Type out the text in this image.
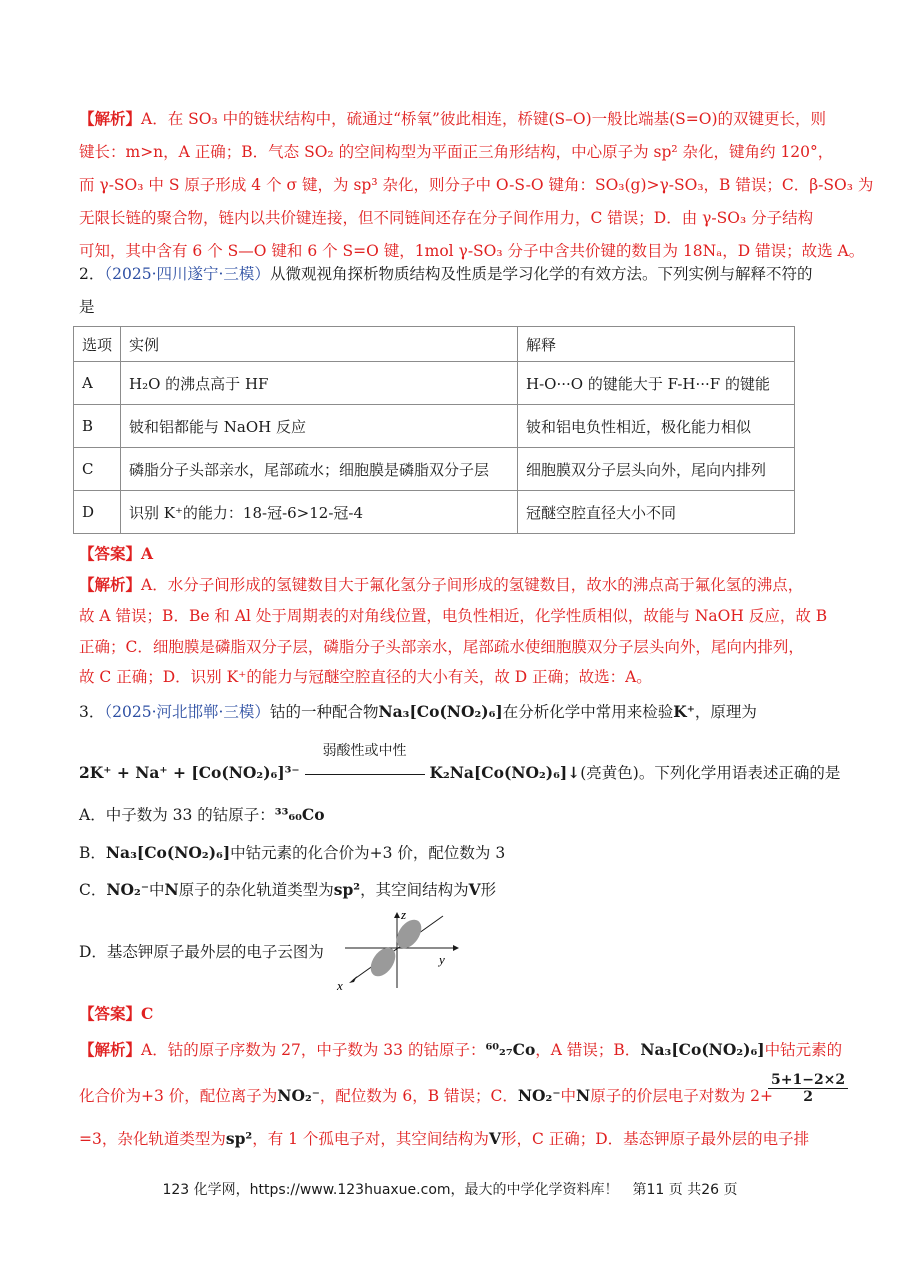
【解析】A．在 SO₃ 中的链状结构中，硫通过“桥氧”彼此相连，桥键(S–O)一般比端基(S=O)的双键更长，则
键长：m>n，A 正确；B．气态 SO₂ 的空间构型为平面正三角形结构，中心原子为 sp² 杂化，键角约 120°，
而 γ-SO₃ 中 S 原子形成 4 个 σ 键，为 sp³ 杂化，则分子中 O-S-O 键角：SO₃(g)>γ-SO₃，B 错误；C．β-SO₃ 为
无限长链的聚合物，链内以共价键连接，但不同链间还存在分子间作用力，C 错误；D．由 γ-SO₃ 分子结构
可知，其中含有 6 个 S—O 键和 6 个 S=O 键，1mol γ-SO₃ 分子中含共价键的数目为 18Nₐ，D 错误；故选 A。
2．（2025·四川遂宁·三模）从微观视角探析物质结构及性质是学习化学的有效方法。下列实例与解释不符的
是
选项	实例	解释
A	H₂O 的沸点高于 HF	H-O···O 的键能大于 F-H···F 的键能
B	铍和铝都能与 NaOH 反应	铍和铝电负性相近，极化能力相似
C	磷脂分子头部亲水，尾部疏水；细胞膜是磷脂双分子层	细胞膜双分子层头向外，尾向内排列
D	识别 K⁺的能力：18-冠-6>12-冠-4	冠醚空腔直径大小不同
【答案】A
【解析】A．水分子间形成的氢键数目大于氟化氢分子间形成的氢键数目，故水的沸点高于氟化氢的沸点，
故 A 错误；B．Be 和 Al 处于周期表的对角线位置，电负性相近，化学性质相似，故能与 NaOH 反应，故 B
正确；C．细胞膜是磷脂双分子层，磷脂分子头部亲水，尾部疏水使细胞膜双分子层头向外，尾向内排列，
故 C 正确；D．识别 K⁺的能力与冠醚空腔直径的大小有关，故 D 正确；故选：A。
3．（2025·河北邯郸·三模）钴的一种配合物Na₃[Co(NO₂)₆]在分析化学中常用来检验K⁺，原理为
2K⁺ + Na⁺ + [Co(NO₂)₆]³⁻
弱酸性或中性
K₂Na[Co(NO₂)₆]↓(亮黄色)。下列化学用语表述正确的是
A．中子数为 33 的钴原子：³³₆₀Co
B．Na₃[Co(NO₂)₆]中钴元素的化合价为+3 价，配位数为 3
C．NO₂⁻中N原子的杂化轨道类型为sp²，其空间结构为V形
D．基态钾原子最外层的电子云图为
z
y
x
【答案】C
【解析】A．钴的原子序数为 27，中子数为 33 的钴原子：⁶⁰₂₇Co，A 错误；B．Na₃[Co(NO₂)₆]中钴元素的
化合价为+3 价，配位离子为NO₂⁻，配位数为 6，B 错误；C．NO₂⁻中N原子的价层电子对数为 2+
$\frac{5+1-2\times 2}{2}$
=3，杂化轨道类型为sp²，有 1 个孤电子对，其空间结构为V形，C 正确；D．基态钾原子最外层的电子排
123 化学网，https://www.123huaxue.com，最大的中学化学资料库！　第11 页 共26 页
